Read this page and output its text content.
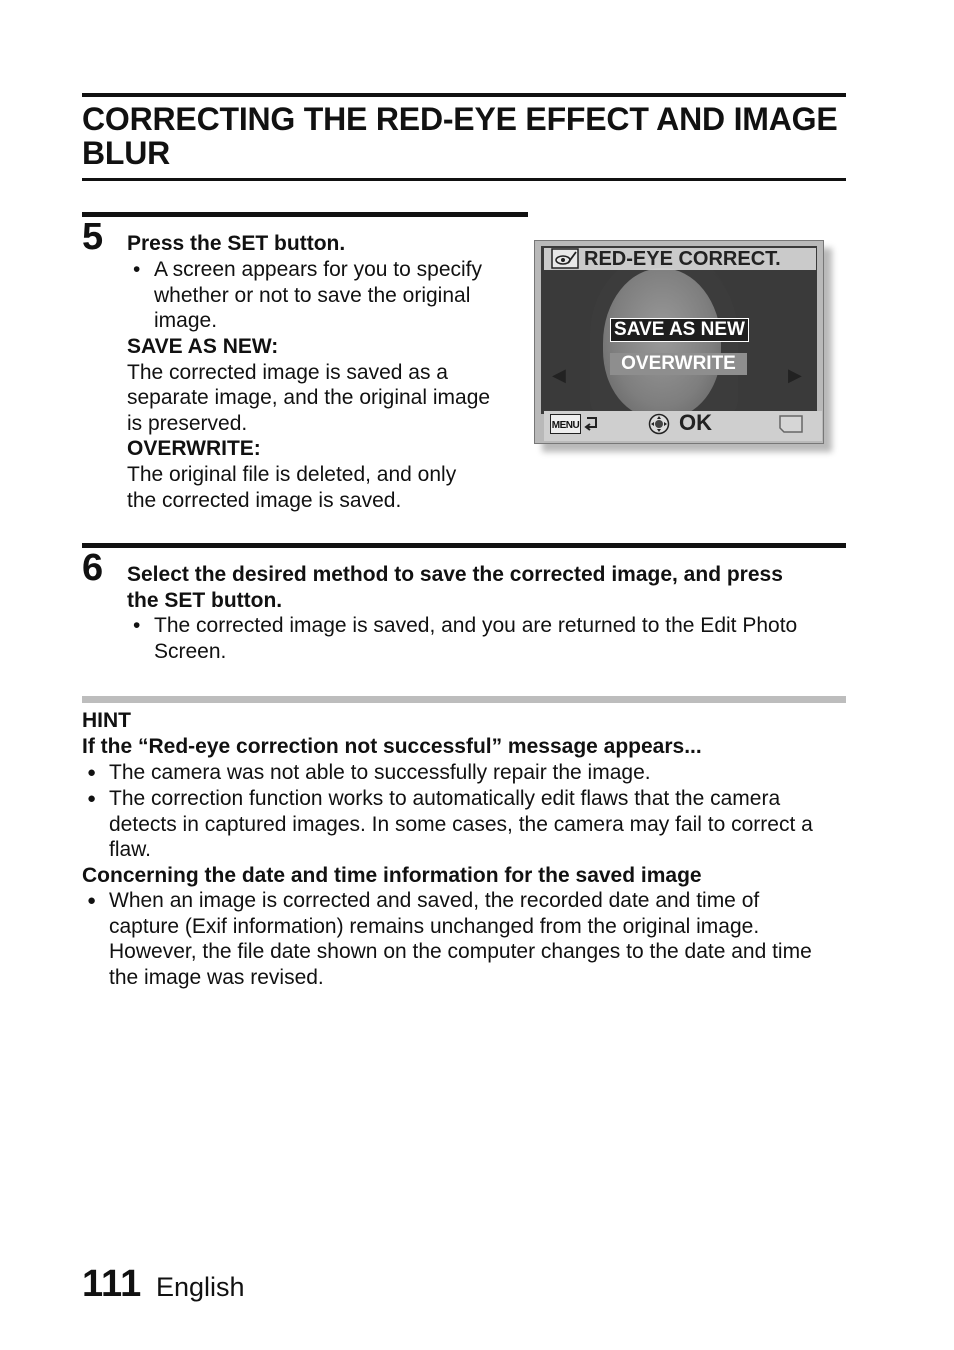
CORRECTING THE RED-EYE EFFECT AND IMAGE
BLUR
5 Press the SET button.
• A screen appears for you to specify
whether or not to save the original
image.
SAVE AS NEW:
The corrected image is saved as a
separate image, and the original image
is preserved.
OVERWRITE:
The original file is deleted, and only
the corrected image is saved.
RED-EYE CORRECT.
SAVE AS NEW
OVERWRITE
◀	▶
MENU	OK
6 Select the desired method to save the corrected image, and press
the SET button.
• The corrected image is saved, and you are returned to the Edit Photo
Screen.
HINT
If the “Red-eye correction not successful” message appears...
● The camera was not able to successfully repair the image.
● The correction function works to automatically edit flaws that the camera
detects in captured images. In some cases, the camera may fail to correct a
flaw.
Concerning the date and time information for the saved image
● When an image is corrected and saved, the recorded date and time of
capture (Exif information) remains unchanged from the original image.
However, the file date shown on the computer changes to the date and time
the image was revised.
111 English
